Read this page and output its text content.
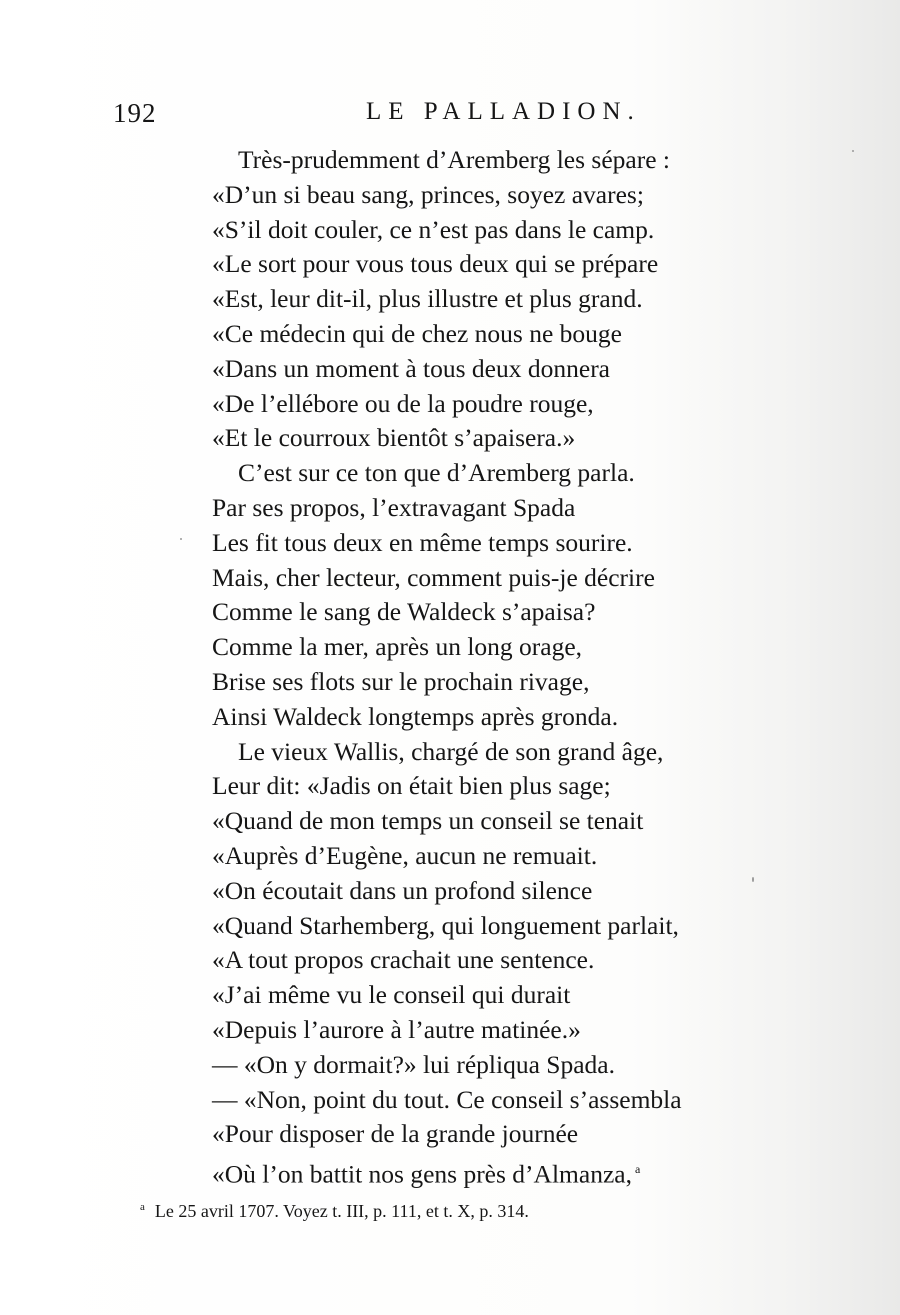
192	LE PALLADION.
Très-prudemment d’Aremberg les sépare :
«D’un si beau sang, princes, soyez avares;
«S’il doit couler, ce n’est pas dans le camp.
«Le sort pour vous tous deux qui se prépare
«Est, leur dit-il, plus illustre et plus grand.
«Ce médecin qui de chez nous ne bouge
«Dans un moment à tous deux donnera
«De l’ellébore ou de la poudre rouge,
«Et le courroux bientôt s’apaisera.»
C’est sur ce ton que d’Aremberg parla.
Par ses propos, l’extravagant Spada
Les fit tous deux en même temps sourire.
Mais, cher lecteur, comment puis-je décrire
Comme le sang de Waldeck s’apaisa?
Comme la mer, après un long orage,
Brise ses flots sur le prochain rivage,
Ainsi Waldeck longtemps après gronda.
Le vieux Wallis, chargé de son grand âge,
Leur dit: «Jadis on était bien plus sage;
«Quand de mon temps un conseil se tenait
«Auprès d’Eugène, aucun ne remuait.
«On écoutait dans un profond silence
«Quand Starhemberg, qui longuement parlait,
«A tout propos crachait une sentence.
«J’ai même vu le conseil qui durait
«Depuis l’aurore à l’autre matinée.»
— «On y dormait?» lui répliqua Spada.
— «Non, point du tout. Ce conseil s’assembla
«Pour disposer de la grande journée
«Où l’on battit nos gens près d’Almanza, $^a$
$^a$ Le 25 avril 1707. Voyez t. III, p. 111, et t. X, p. 314.
